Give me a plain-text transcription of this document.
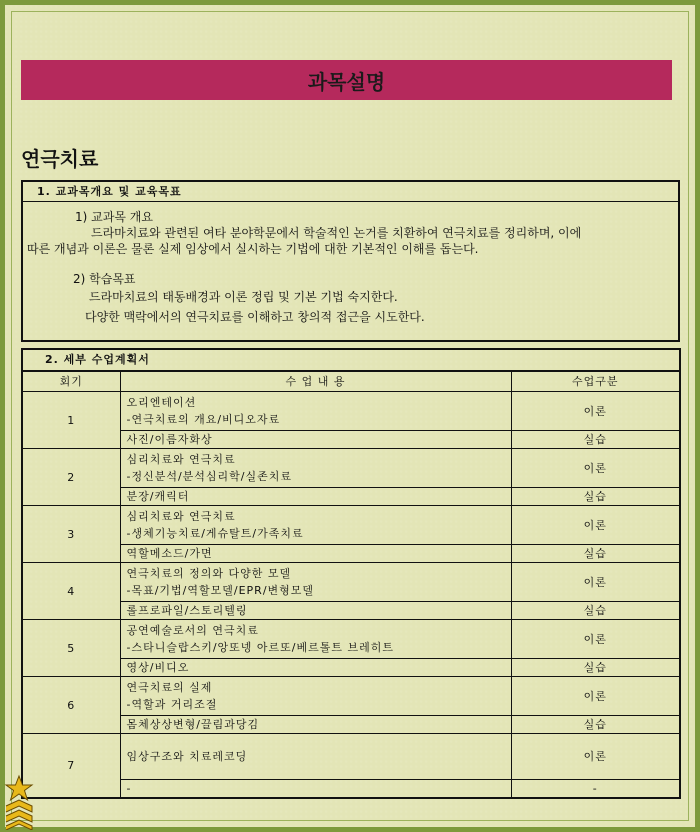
과목설명
연극치료
1. 교과목개요 및 교육목표

1) 교과목 개요

드라마치료와 관련된 여타 분야학문에서 학술적인 논거를 치환하여 연극치료를 정리하며, 이에

따른 개념과 이론은 물론 실제 임상에서 실시하는 기법에 대한 기본적인 이해를 돕는다.

2) 학습목표

드라마치료의 태동배경과 이론 정립 및 기본 기법 숙지한다.

다양한 맥락에서의 연극치료를 이해하고 창의적 접근을 시도한다.

2. 세부 수업계획서
회기	수 업 내 용	수업구분
1	오리엔테이션
-연극치료의 개요/비디오자료	이론
	사진/이름자화상	실습
2	심리치료와 연극치료
-정신분석/분석심리학/실존치료	이론
	분장/캐릭터	실습
3	심리치료와 연극치료
-생체기능치료/게슈탈트/가족치료	이론
	역할메소드/가면	실습
4	연극치료의 정의와 다양한 모델
-목표/기법/역할모델/EPR/변형모델	이론
	롤프로파일/스토리텔링	실습
5	공연예술로서의 연극치료
-스타니슬랍스키/앙또넹 아르또/베르톨트 브레히트	이론
	영상/비디오	실습
6	연극치료의 실제
-역할과 거리조절	이론
	몸체상상변형/끌림과당김	실습
7	임상구조와 치료레코딩	이론
	-	-
